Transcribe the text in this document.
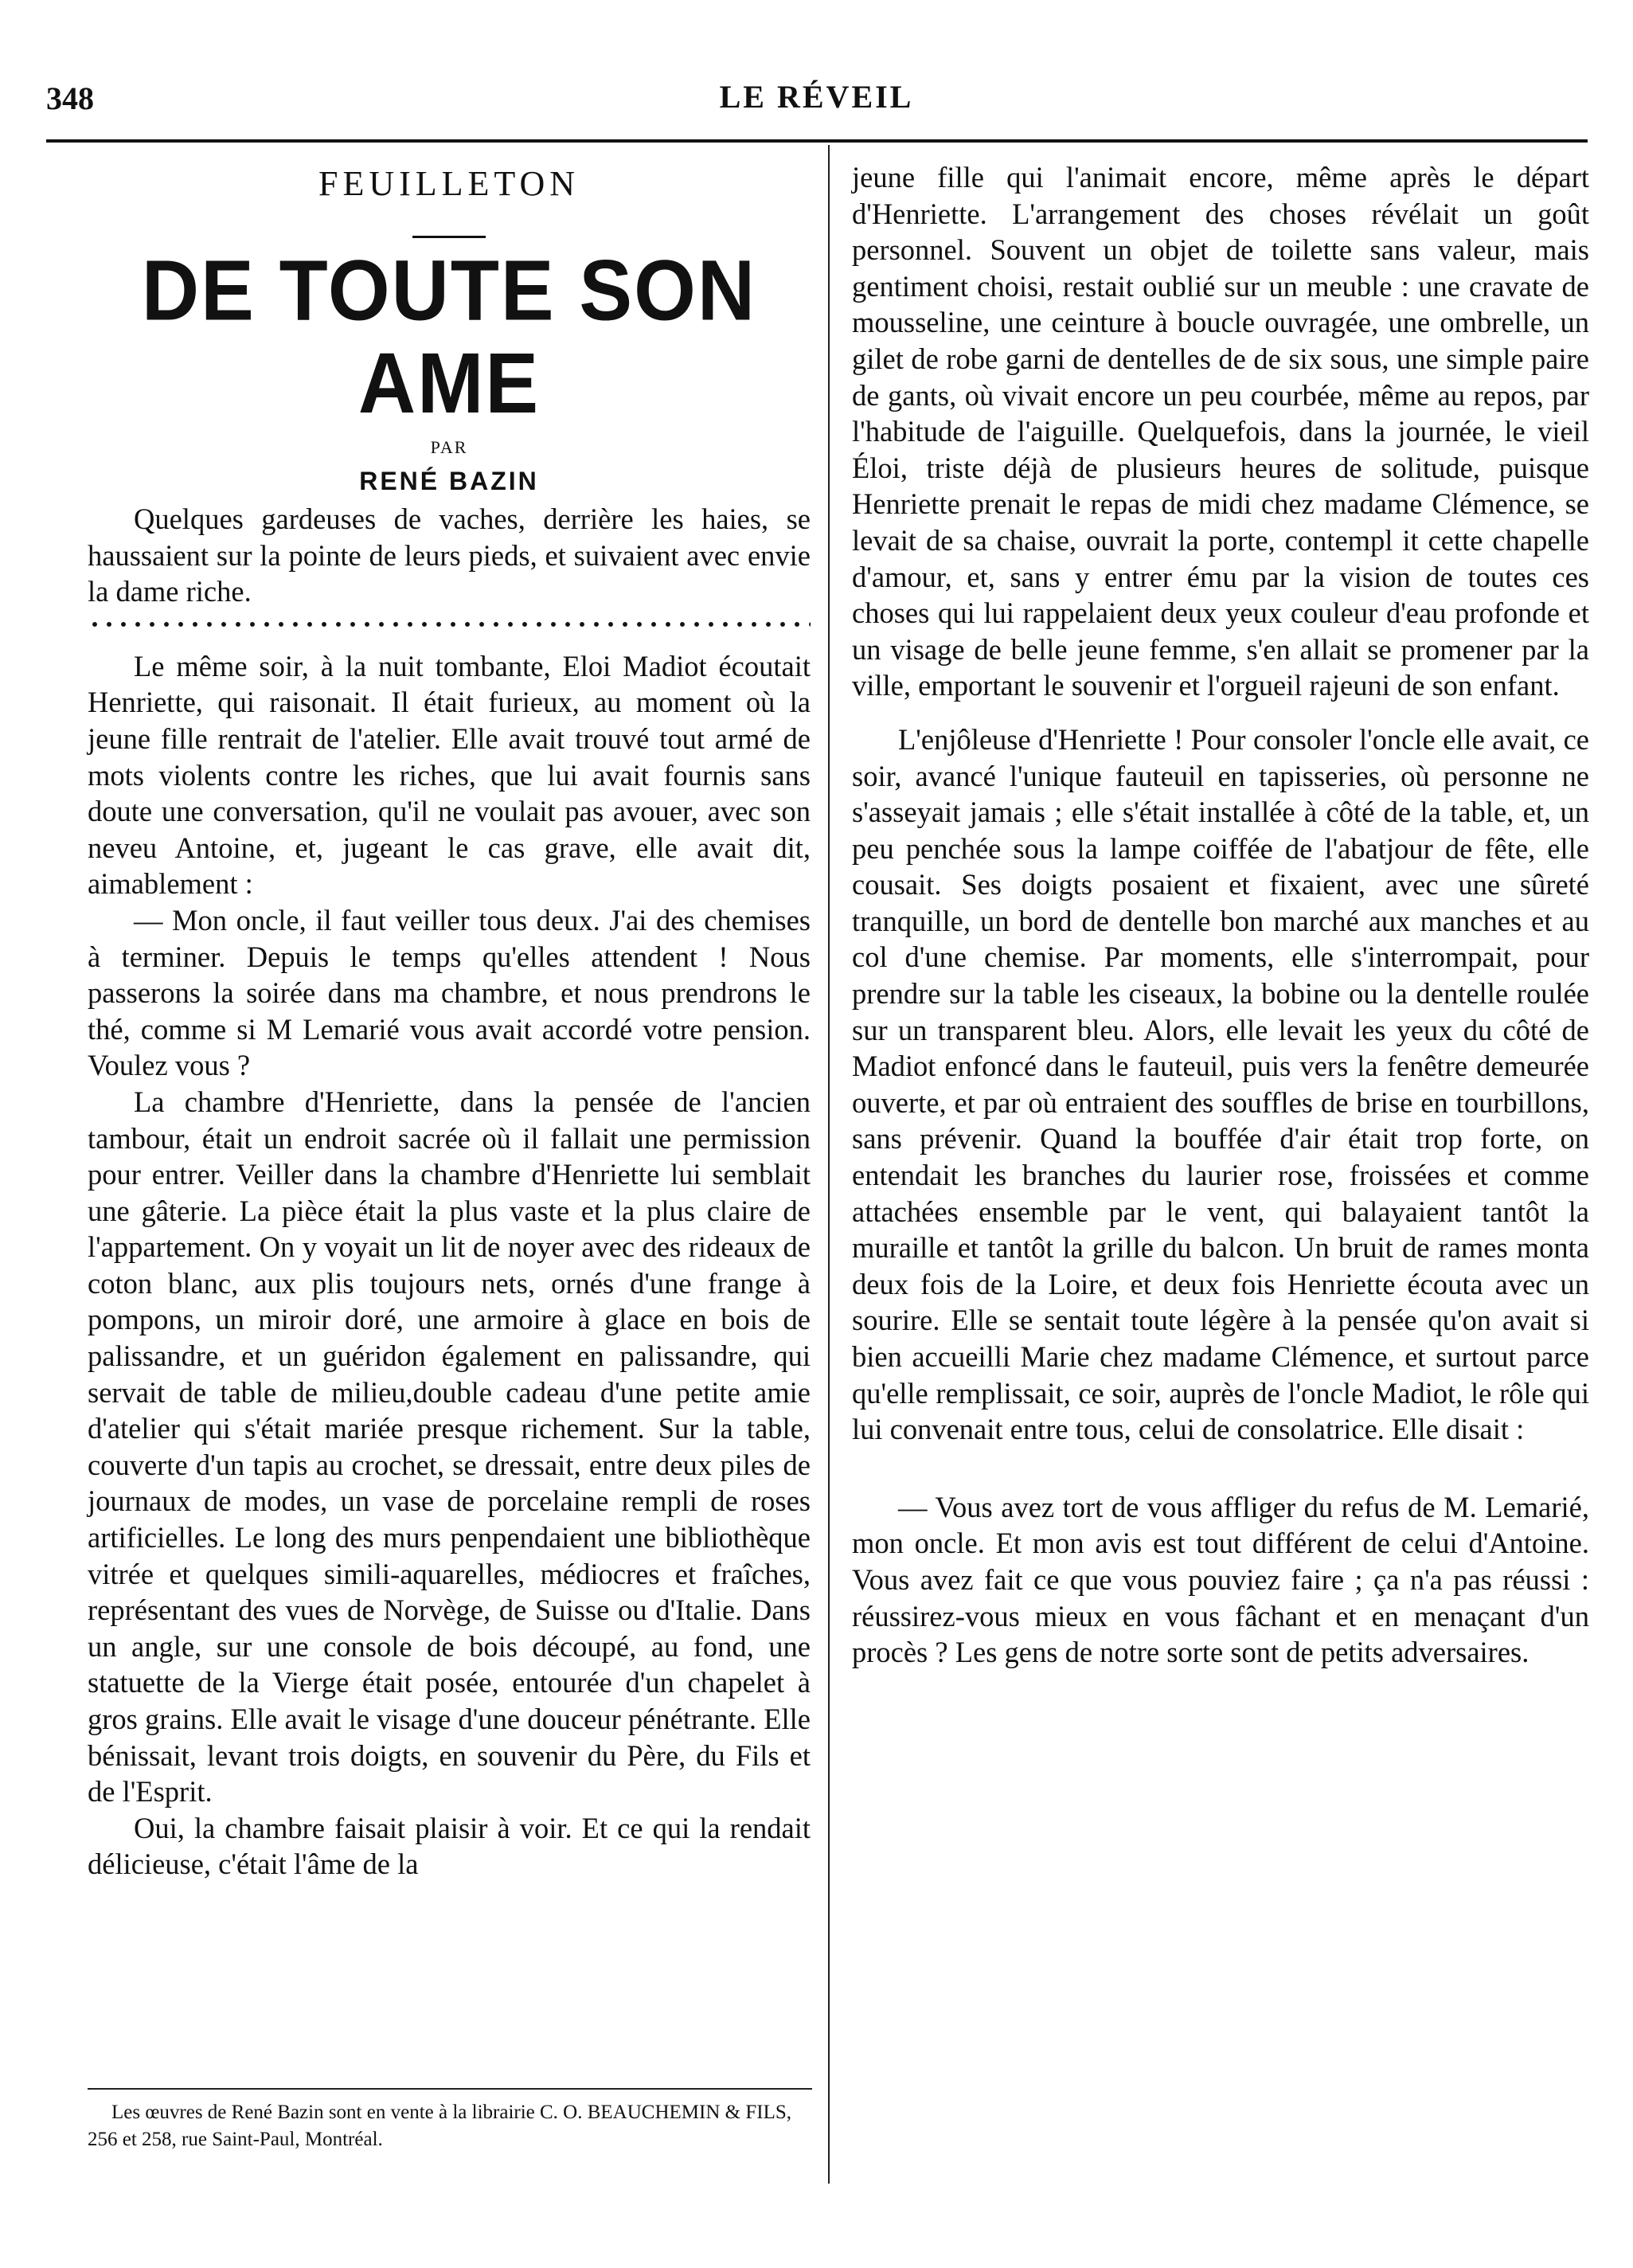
348	LE RÉVEIL
FEUILLETON
DE TOUTE SON AME
PAR
RENÉ BAZIN

Quelques gardeuses de vaches, derrière les haies, se haussaient sur la pointe de leurs pieds, et suivaient avec envie la dame riche.

Le même soir, à la nuit tombante, Eloi Madiot écoutait Henriette, qui raisonait. Il était furieux, au moment où la jeune fille rentrait de l'atelier. Elle avait trouvé tout armé de mots violents contre les riches, que lui avait fournis sans doute une conversation, qu'il ne voulait pas avouer, avec son neveu Antoine, et, jugeant le cas grave, elle avait dit, aimablement :

— Mon oncle, il faut veiller tous deux. J'ai des chemises à terminer. Depuis le temps qu'elles attendent ! Nous passerons la soirée dans ma chambre, et nous prendrons le thé, comme si M Lemarié vous avait accordé votre pension. Voulez vous ?

La chambre d'Henriette, dans la pensée de l'ancien tambour, était un endroit sacrée où il fallait une permission pour entrer. Veiller dans la chambre d'Henriette lui semblait une gâterie. La pièce était la plus vaste et la plus claire de l'appartement. On y voyait un lit de noyer avec des rideaux de coton blanc, aux plis toujours nets, ornés d'une frange à pompons, un miroir doré, une armoire à glace en bois de palissandre, et un guéridon également en palissandre, qui servait de table de milieu,double cadeau d'une petite amie d'atelier qui s'était mariée presque richement. Sur la table, couverte d'un tapis au crochet, se dressait, entre deux piles de journaux de modes, un vase de porcelaine rempli de roses artificielles. Le long des murs penpendaient une bibliothèque vitrée et quelques simili-aquarelles, médiocres et fraîches, représentant des vues de Norvège, de Suisse ou d'Italie. Dans un angle, sur une console de bois découpé, au fond, une statuette de la Vierge était posée, entourée d'un chapelet à gros grains. Elle avait le visage d'une douceur pénétrante. Elle bénissait, levant trois doigts, en souvenir du Père, du Fils et de l'Esprit.

Oui, la chambre faisait plaisir à voir. Et ce qui la rendait délicieuse, c'était l'âme de la

jeune fille qui l'animait encore, même après le départ d'Henriette. L'arrangement des choses révélait un goût personnel. Souvent un objet de toilette sans valeur, mais gentiment choisi, restait oublié sur un meuble : une cravate de mousseline, une ceinture à boucle ouvragée, une ombrelle, un gilet de robe garni de dentelles de de six sous, une simple paire de gants, où vivait encore un peu courbée, même au repos, par l'habitude de l'aiguille. Quelquefois, dans la journée, le vieil Éloi, triste déjà de plusieurs heures de solitude, puisque Henriette prenait le repas de midi chez madame Clémence, se levait de sa chaise, ouvrait la porte, contempl it cette chapelle d'amour, et, sans y entrer ému par la vision de toutes ces choses qui lui rappelaient deux yeux couleur d'eau profonde et un visage de belle jeune femme, s'en allait se promener par la ville, emportant le souvenir et l'orgueil rajeuni de son enfant.

L'enjôleuse d'Henriette ! Pour consoler l'oncle elle avait, ce soir, avancé l'unique fauteuil en tapisseries, où personne ne s'asseyait jamais ; elle s'était installée à côté de la table, et, un peu penchée sous la lampe coiffée de l'abatjour de fête, elle cousait. Ses doigts posaient et fixaient, avec une sûreté tranquille, un bord de dentelle bon marché aux manches et au col d'une chemise. Par moments, elle s'interrompait, pour prendre sur la table les ciseaux, la bobine ou la dentelle roulée sur un transparent bleu. Alors, elle levait les yeux du côté de Madiot enfoncé dans le fauteuil, puis vers la fenêtre demeurée ouverte, et par où entraient des souffles de brise en tourbillons, sans prévenir. Quand la bouffée d'air était trop forte, on entendait les branches du laurier rose, froissées et comme attachées ensemble par le vent, qui balayaient tantôt la muraille et tantôt la grille du balcon. Un bruit de rames monta deux fois de la Loire, et deux fois Henriette écouta avec un sourire. Elle se sentait toute légère à la pensée qu'on avait si bien accueilli Marie chez madame Clémence, et surtout parce qu'elle remplissait, ce soir, auprès de l'oncle Madiot, le rôle qui lui convenait entre tous, celui de consolatrice. Elle disait :

— Vous avez tort de vous affliger du refus de M. Lemarié, mon oncle. Et mon avis est tout différent de celui d'Antoine. Vous avez fait ce que vous pouviez faire ; ça n'a pas réussi : réussirez-vous mieux en vous fâchant et en menaçant d'un procès ? Les gens de notre sorte sont de petits adversaires.

Les œuvres de René Bazin sont en vente à la librairie C. O. BEAUCHEMIN & FILS, 256 et 258, rue Saint-Paul, Montréal.
